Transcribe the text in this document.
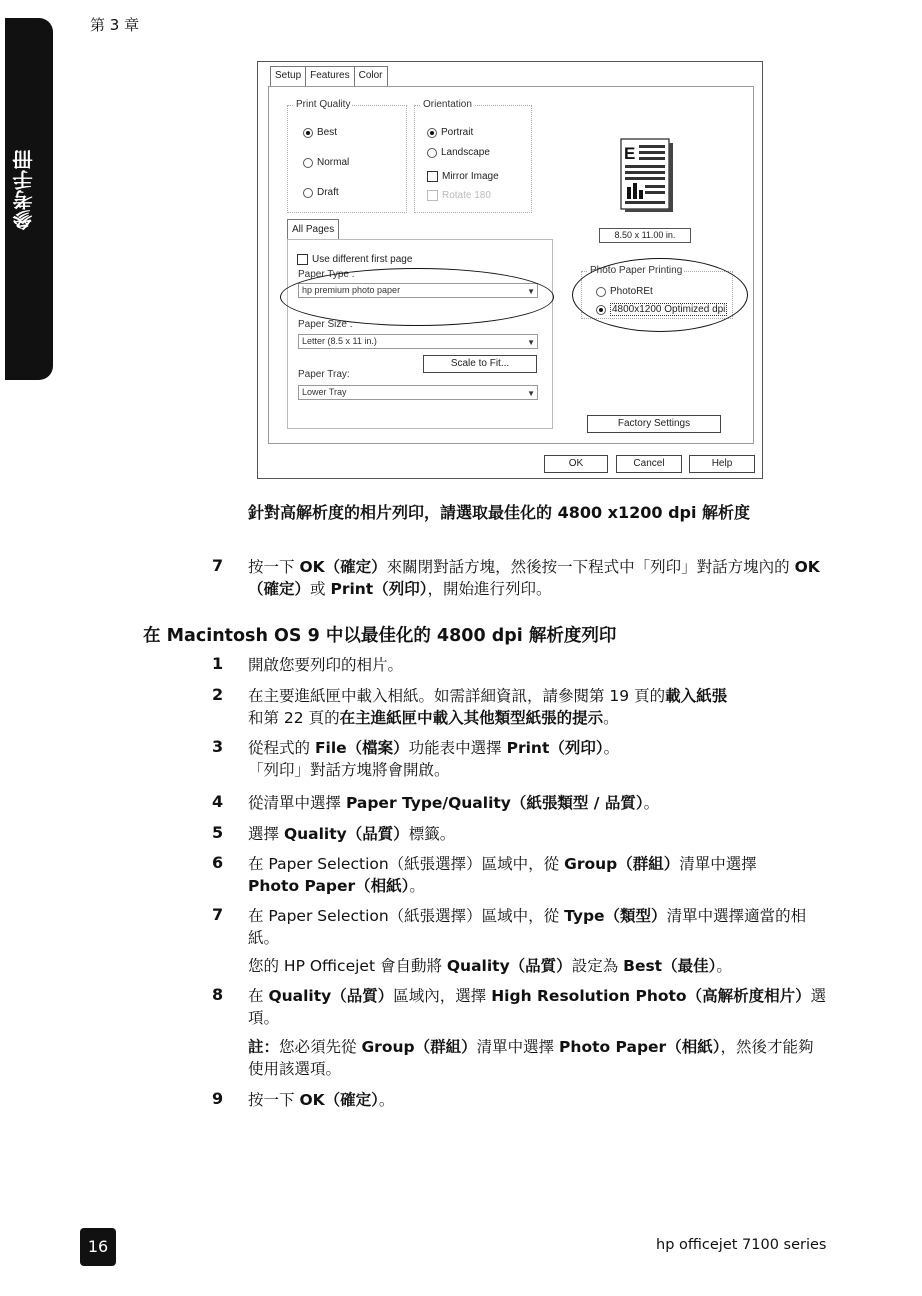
第 3 章
參考手冊
Setup Features Color
Print Quality
Best
Normal
Draft
Orientation
Portrait
Landscape
Mirror Image
Rotate 180
E
8.50 x 11.00 in.
All Pages
Use different first page
Paper Type :
hp premium photo paper	▼
Paper Size :
Letter (8.5 x 11 in.)	▼
Scale to Fit...
Paper Tray:
Lower Tray	▼
Photo Paper Printing
PhotoREt
4800x1200 Optimized dpi
Factory Settings
OK	Cancel	Help
針對高解析度的相片列印，請選取最佳化的 4800 x1200 dpi 解析度
7 按一下 OK（確定）來關閉對話方塊，然後按一下程式中「列印」對話方塊內的 OK（確定）或 Print（列印），開始進行列印。
在 Macintosh OS 9 中以最佳化的 4800 dpi 解析度列印
1 開啟您要列印的相片。
2 在主要進紙匣中載入相紙。如需詳細資訊，請參閱第 19 頁的載入紙張
和第 22 頁的在主進紙匣中載入其他類型紙張的提示。
3 從程式的 File（檔案）功能表中選擇 Print（列印）。
「列印」對話方塊將會開啟。
4 從清單中選擇 Paper Type/Quality（紙張類型 / 品質）。
5 選擇 Quality（品質）標籤。
6 在 Paper Selection（紙張選擇）區域中，從 Group（群組）清單中選擇
Photo Paper（相紙）。
7 在 Paper Selection（紙張選擇）區域中，從 Type（類型）清單中選擇適當的相紙。
您的 HP Officejet 會自動將 Quality（品質）設定為 Best（最佳）。
8 在 Quality（品質）區域內，選擇 High Resolution Photo（高解析度相片）選項。
註：您必須先從 Group（群組）清單中選擇 Photo Paper（相紙），然後才能夠使用該選項。
9 按一下 OK（確定）。
16	hp officejet 7100 series
